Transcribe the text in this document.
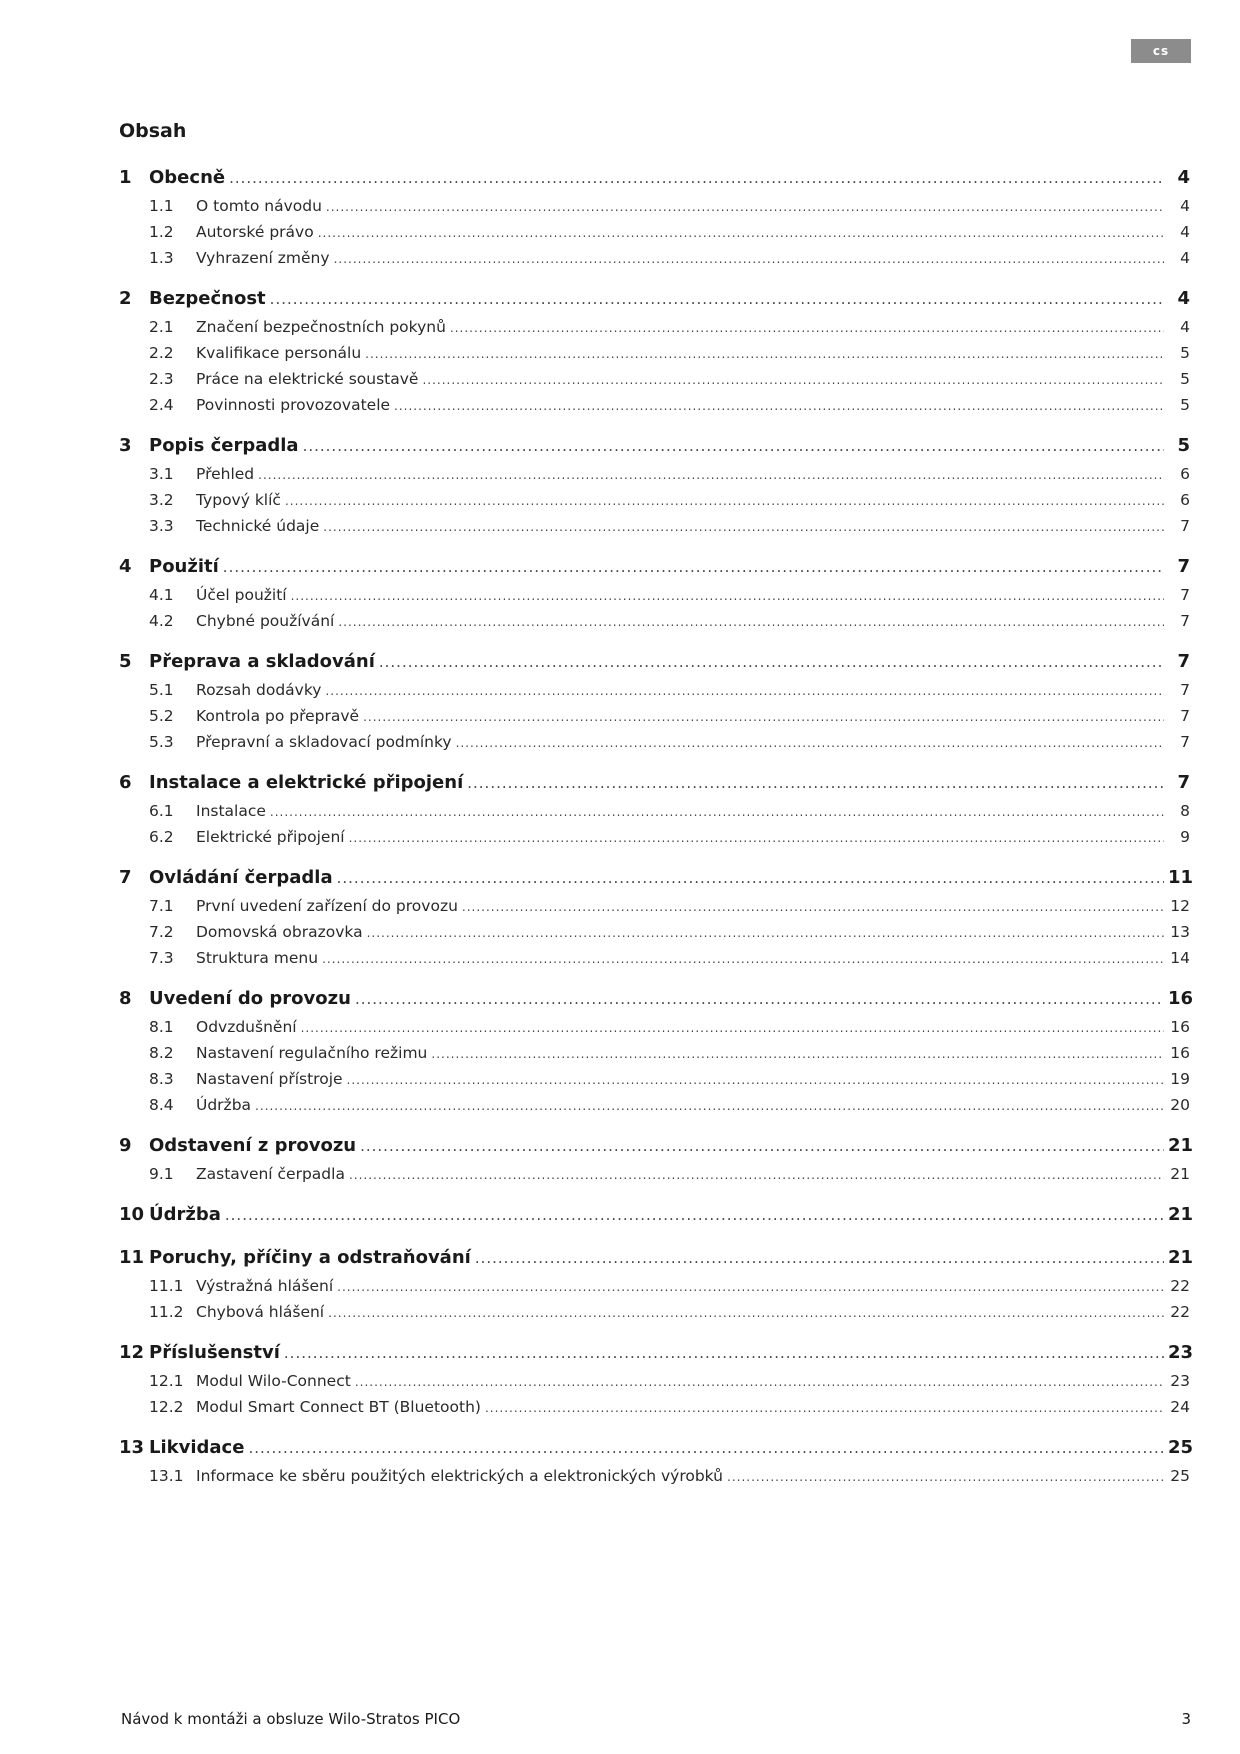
cs
Obsah
1 Obecně .....	4
1.1	O tomto návodu .....	4
1.2	Autorské právo .....	4
1.3	Vyhrazení změny .....	4
2 Bezpečnost .....	4
2.1	Značení bezpečnostních pokynů .....	4
2.2	Kvalifikace personálu .....	5
2.3	Práce na elektrické soustavě .....	5
2.4	Povinnosti provozovatele .....	5
3 Popis čerpadla .....	5
3.1	Přehled .....	6
3.2	Typový klíč .....	6
3.3	Technické údaje .....	7
4 Použití .....	7
4.1	Účel použití .....	7
4.2	Chybné používání .....	7
5 Přeprava a skladování .....	7
5.1	Rozsah dodávky .....	7
5.2	Kontrola po přepravě .....	7
5.3	Přepravní a skladovací podmínky .....	7
6 Instalace a elektrické připojení .....	7
6.1	Instalace .....	8
6.2	Elektrické připojení .....	9
7 Ovládání čerpadla .....	11
7.1	První uvedení zařízení do provozu .....	12
7.2	Domovská obrazovka .....	13
7.3	Struktura menu .....	14
8 Uvedení do provozu .....	16
8.1	Odvzdušnění .....	16
8.2	Nastavení regulačního režimu .....	16
8.3	Nastavení přístroje .....	19
8.4	Údržba .....	20
9 Odstavení z provozu .....	21
9.1	Zastavení čerpadla .....	21
10 Údržba .....	21
11 Poruchy, příčiny a odstraňování .....	21
11.1 Výstražná hlášení .....	22
11.2 Chybová hlášení .....	22
12 Příslušenství .....	23
12.1 Modul Wilo-Connect .....	23
12.2 Modul Smart Connect BT (Bluetooth) .....	24
13 Likvidace .....	25
13.1 Informace ke sběru použitých elektrických a elektronických výrobků .....	25
Návod k montáži a obsluze Wilo-Stratos PICO	3
